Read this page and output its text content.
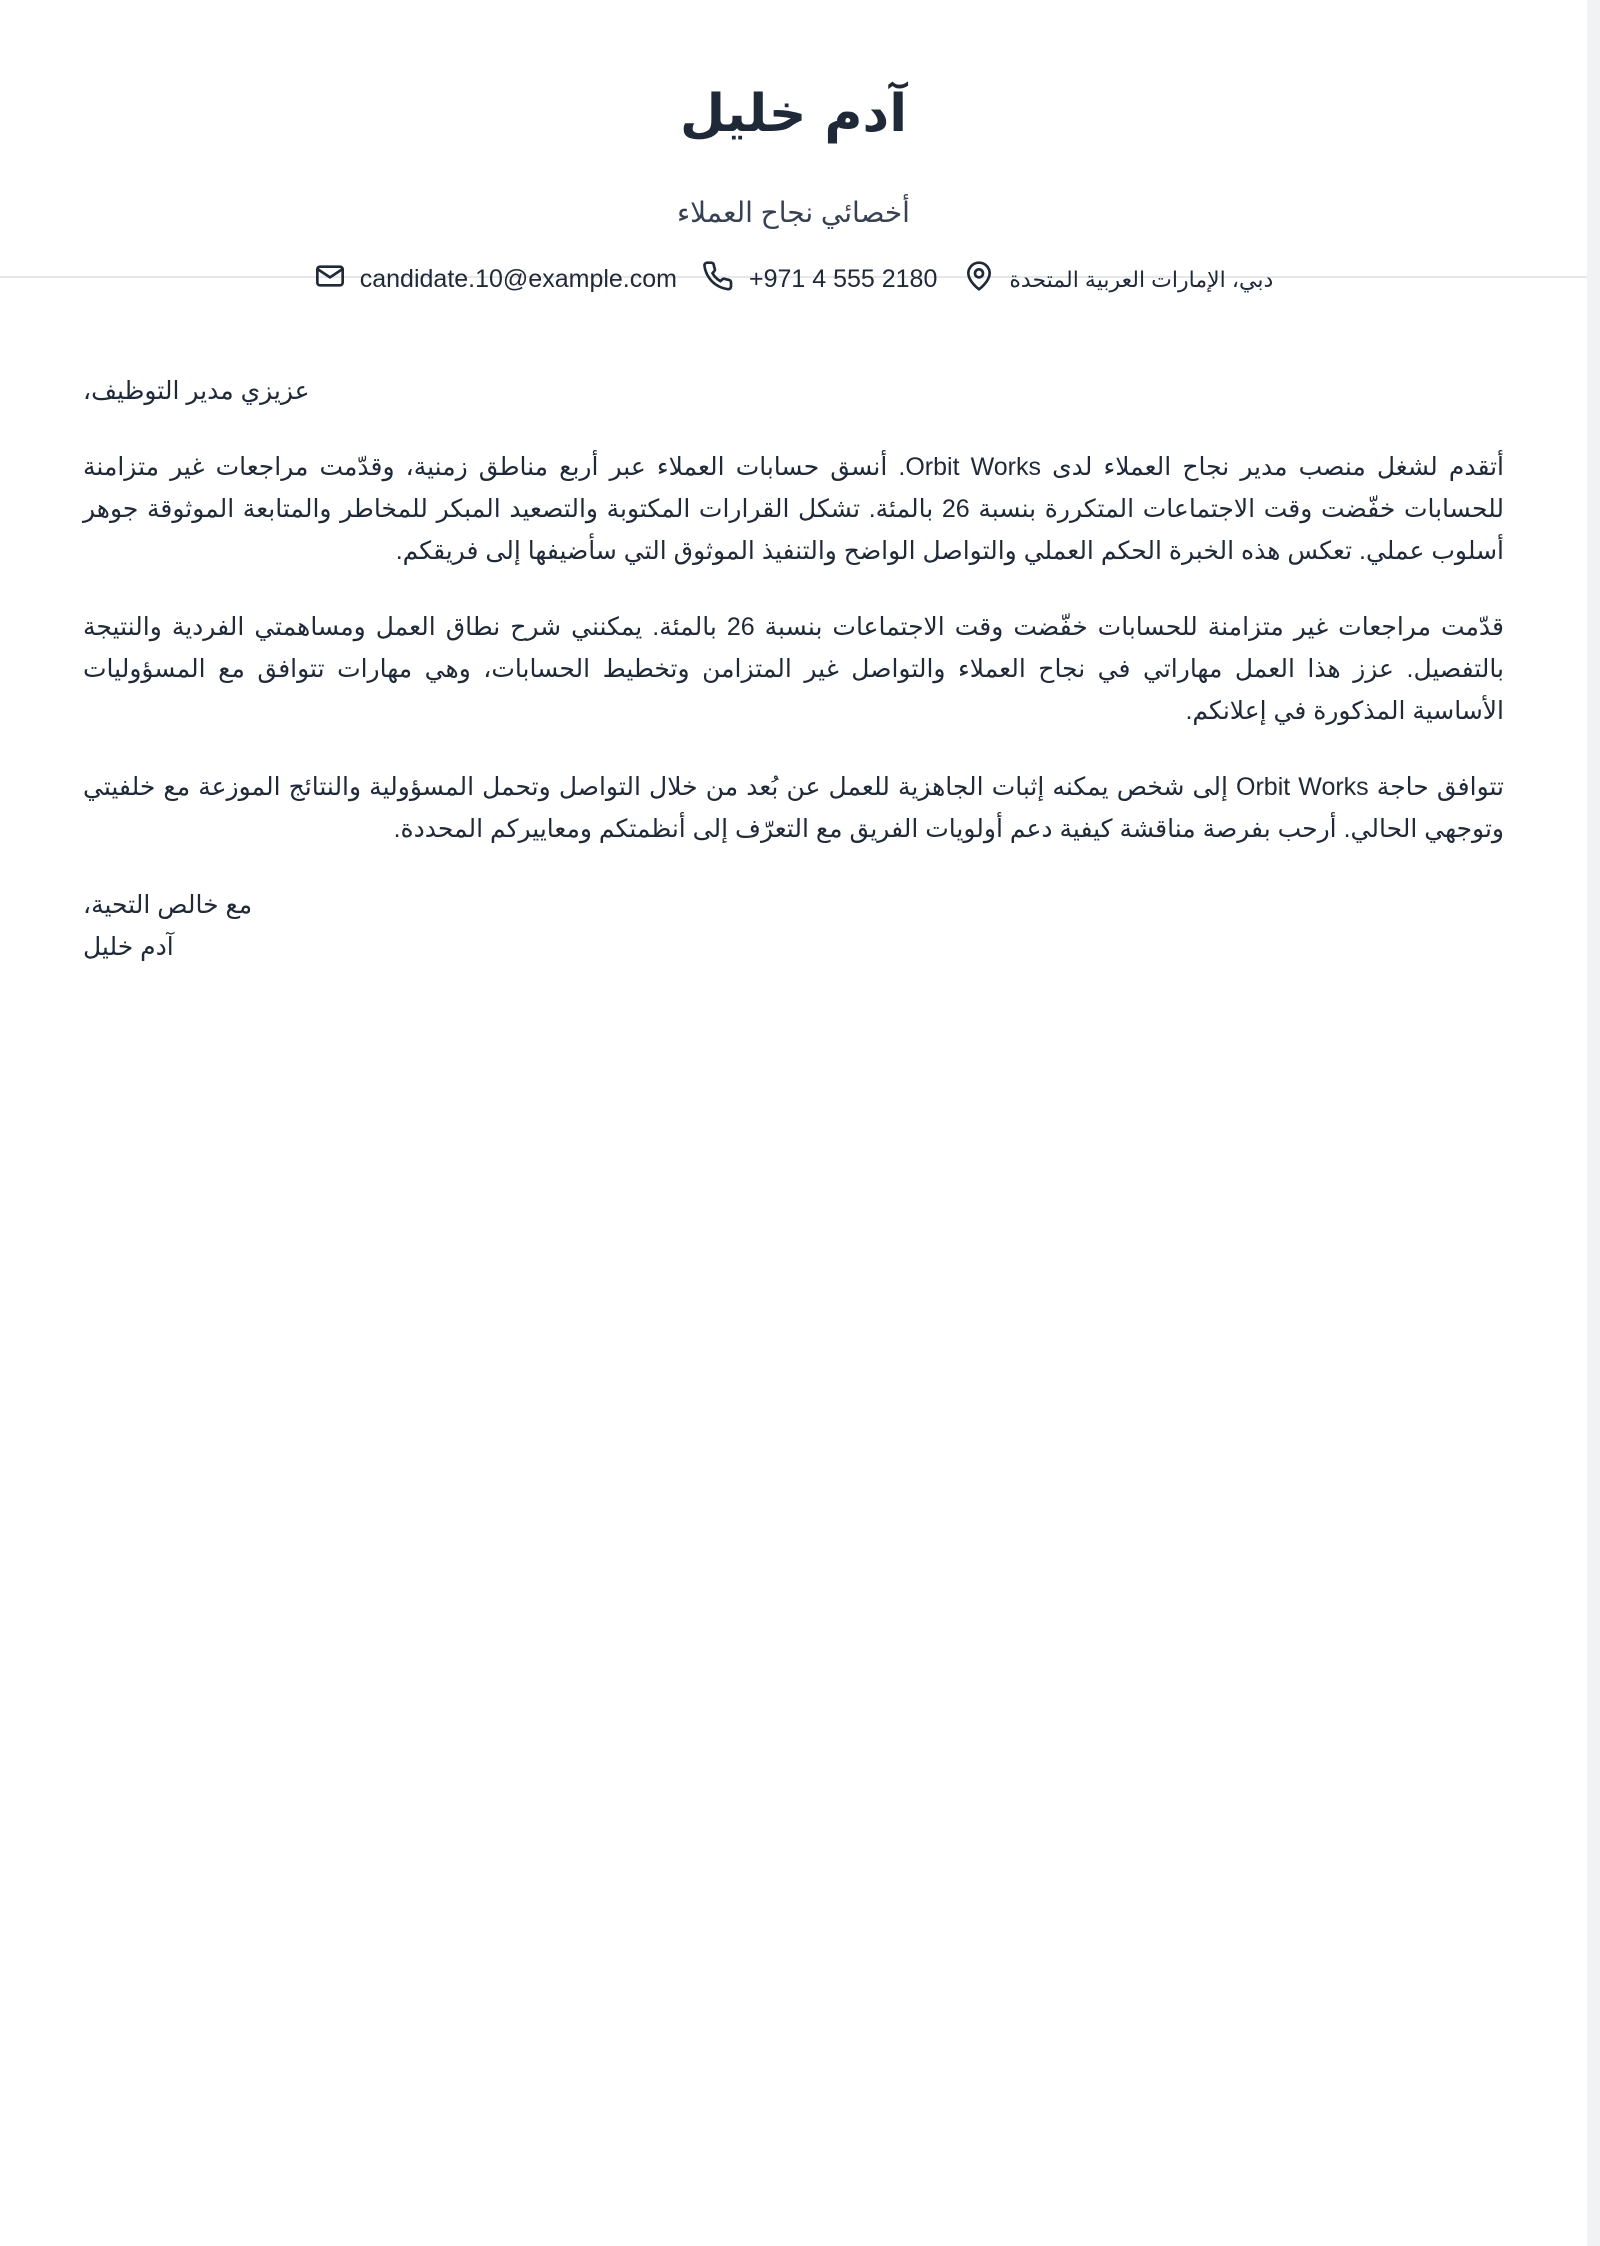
آدم خليل
أخصائي نجاح العملاء
candidate.10@example.com	+971 4 555 2180	دبي، الإمارات العربية المتحدة

عزيزي مدير التوظيف،

أتقدم لشغل منصب مدير نجاح العملاء لدى Orbit Works. أنسق حسابات العملاء عبر أربع مناطق زمنية، وقدّمت مراجعات غير متزامنة للحسابات خفّضت وقت الاجتماعات المتكررة بنسبة 26 بالمئة. تشكل القرارات المكتوبة والتصعيد المبكر للمخاطر والمتابعة الموثوقة جوهر أسلوب عملي. تعكس هذه الخبرة الحكم العملي والتواصل الواضح والتنفيذ الموثوق التي سأضيفها إلى فريقكم.

قدّمت مراجعات غير متزامنة للحسابات خفّضت وقت الاجتماعات بنسبة 26 بالمئة. يمكنني شرح نطاق العمل ومساهمتي الفردية والنتيجة بالتفصيل. عزز هذا العمل مهاراتي في نجاح العملاء والتواصل غير المتزامن وتخطيط الحسابات، وهي مهارات تتوافق مع المسؤوليات الأساسية المذكورة في إعلانكم.

تتوافق حاجة Orbit Works إلى شخص يمكنه إثبات الجاهزية للعمل عن بُعد من خلال التواصل وتحمل المسؤولية والنتائج الموزعة مع خلفيتي وتوجهي الحالي. أرحب بفرصة مناقشة كيفية دعم أولويات الفريق مع التعرّف إلى أنظمتكم ومعاييركم المحددة.

مع خالص التحية،
آدم خليل
